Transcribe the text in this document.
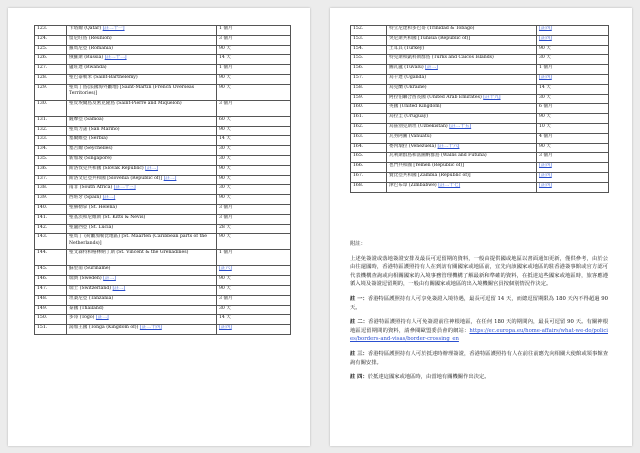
123.	卡塔爾 (Qatar) [註二十一]	1 個月
124.	留尼旺島 (Reunion)	3 個月
125.	羅馬尼亞 (Romania)	90 天
126.	俄羅斯 (Russia) [註二十二]	14 天
127.	盧旺達 (Rwanda)	1 個月
128.	聖巴泰勒米 (Saint-Barthelemy)	90 天
129.	聖馬丁島(法國海外屬地) [Saint-Martin (French Overseas Territories)]	90 天
130.	聖皮埃爾島及密克隆島 (Saint-Pierre and Miquelon)	3 個月
131.	薩摩亞 (Samoa)	60 天
132.	聖馬力諾 (San Marino)	90 天
133.	塞爾維亞 (Serbia)	14 天
134.	塞舌爾 (Seychelles)	30 天
135.	新加坡 (Singapore)	30 天
136.	斯洛伐克共和國 (Slovak Republic) [註二]	90 天
137.	斯洛文尼亞共和國 [Slovenia (Republic of)] [註二]	90 天
138.	南非 (South Africa) [註二十三]	30 天
139.	西班牙 (Spain) [註二]	90 天
140.	聖赫勒拿 (St. Helena)	3 個月
141.	聖基茨和尼維斯 (St. Kitts & Nevis)	3 個月
142.	聖盧西亞 (St. Lucia)	28 天
143.	聖馬丁 (荷屬加勒比地區) [St. Maarten (Caribbean parts of the Netherlands)]	90 天
144.	聖文森特和格林納丁斯 (St. Vincent & the Grenadines)	1 個月
145.	蘇里南 (Suriname)	[註六]
146.	瑞典 (Sweden) [註二]	90 天
147.	瑞士 (Switzerland) [註二]	90 天
148.	坦桑尼亞 (Tanzania)	3 個月
149.	泰國 (Thailand)	30 天
150.	多哥 (Togo) [註二]	14 天
151.	湯加王國 (Tonga (Kingdom of)) [註二十四]	[註四]
152.	特立尼達和多巴哥 (Trinidad & Tobago)	[註四]
153.	突尼斯共和國 [Tunisia (Republic of)]	[註四]
154.	土耳其 (Turkey)	90 天
155.	特克斯和凱科斯群島 (Turks and Caicos Islands)	30 天
156.	圖瓦盧 (Tuvalu) [註二]	1 個月
157.	烏干達 (Uganda)	[註四]
158.	烏克蘭 (Ukraine)	14 天
159.	阿拉伯聯合酋長國 (United Arab Emirates) [註十九]	30 天
160.	英國 (United Kingdom)	6 個月
161.	烏拉圭 (Uruguay)	90 天
162.	烏茲別克斯坦 (Uzbekistan) [註二十五]	10 天
163.	瓦努阿圖 (Vanuatu)	4 個月
164.	委內瑞拉 (Venezuela) [註二十六]	90 天
165.	瓦利斯群島和富圖納群島 (Wallis and Futuna)	3 個月
166.	也門共和國 [Yemen (Republic of)]	[註四]
167.	贊比亞共和國 [Zambia (Republic of)]	[註四]
168.	津巴布韋 (Zimbabwe) [註二十七]	[註四]

附註：

上述免簽證或落地簽證安排及最長可逗留期的資料，一般由提供國或地區以書面通知更新，僅供參考，由於公由往還國時，香港特區護照持有人在到訪有關國家或地區前，宜先向該國家或地區的駐香港簽事館或官方認可代表機構查詢或向相關國家的入境事務管理機構了解最新和準確的資料，在抵達這些國家或地區時，旅客應遵循入境及簽證逗留期的，一般由有關國家或地區的出入境機關官員按個別情況作決定。

註 一：香港特區護照持有人可享免簽證入境待遇，最長可逗留 14 天，而總逗留期限為 180 天內不得超過 90 天。

註 二：香港特區護照持有人可免簽證前往神根地區，在任何 180 天的期間內，最長可逗留 90 天。有關神根地區逗留期間的資料，請參閱歐盟委員會的網站：https://ec.europa.eu/home-affairs/what-we-do/policies/borders-and-visas/border-crossing_en

註 三：香港特區護照持有人可於抵達時辦理簽證，香港特區護照持有人在前往前應先向相關大使館或領事館查詢有關安排。

註 四：於抵達這國家或地區時，由當地有關機關作出決定。
